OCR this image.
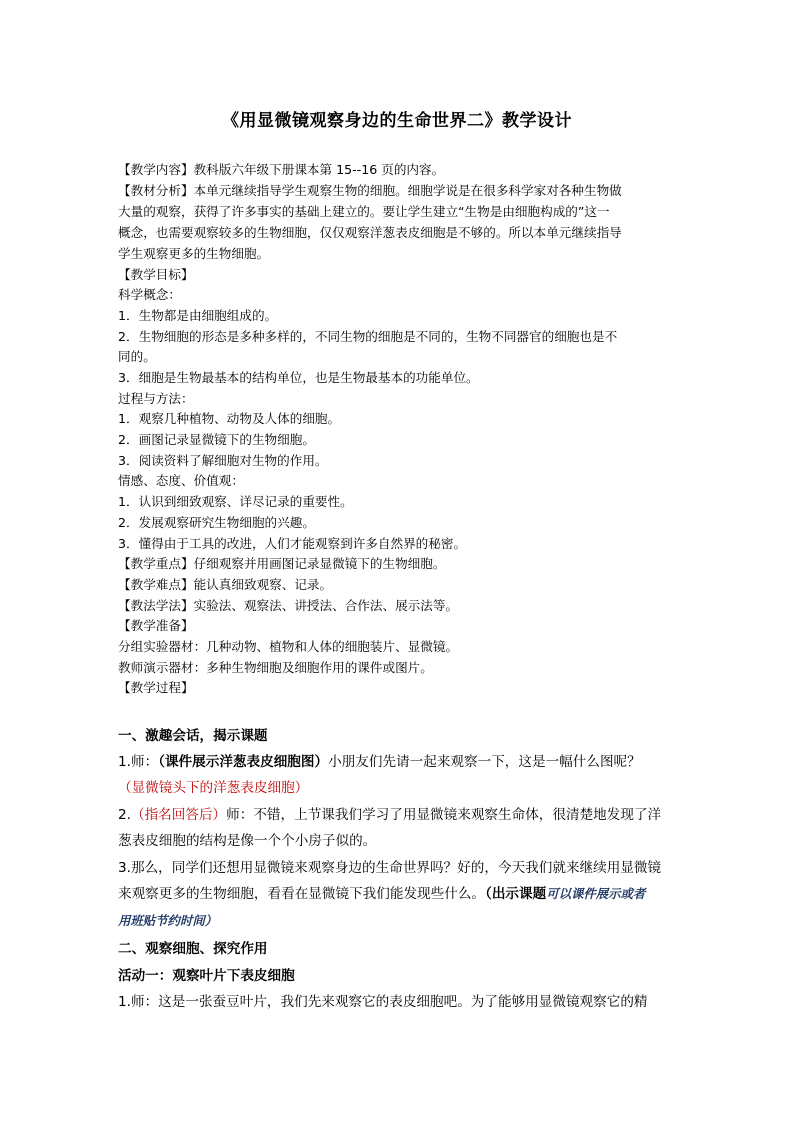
《用显微镜观察身边的生命世界二》教学设计
【教学内容】教科版六年级下册课本第 15--16 页的内容。
【教材分析】本单元继续指导学生观察生物的细胞。细胞学说是在很多科学家对各种生物做
大量的观察，获得了许多事实的基础上建立的。要让学生建立“生物是由细胞构成的”这一
概念，也需要观察较多的生物细胞，仅仅观察洋葱表皮细胞是不够的。所以本单元继续指导
学生观察更多的生物细胞。
【教学目标】
科学概念：
1．生物都是由细胞组成的。
2．生物细胞的形态是多种多样的，不同生物的细胞是不同的，生物不同器官的细胞也是不
同的。
3．细胞是生物最基本的结构单位，也是生物最基本的功能单位。
过程与方法：
1．观察几种植物、动物及人体的细胞。
2．画图记录显微镜下的生物细胞。
3．阅读资料了解细胞对生物的作用。
情感、态度、价值观：
1．认识到细致观察、详尽记录的重要性。
2．发展观察研究生物细胞的兴趣。
3．懂得由于工具的改进，人们才能观察到许多自然界的秘密。
【教学重点】仔细观察并用画图记录显微镜下的生物细胞。
【教学难点】能认真细致观察、记录。
【教法学法】实验法、观察法、讲授法、合作法、展示法等。
【教学准备】
分组实验器材：几种动物、植物和人体的细胞装片、显微镜。
教师演示器材：多种生物细胞及细胞作用的课件或图片。
【教学过程】
一、激趣会话，揭示课题
1.师：（课件展示洋葱表皮细胞图）小朋友们先请一起来观察一下，这是一幅什么图呢？
（显微镜头下的洋葱表皮细胞）
2.（指名回答后）师：不错，上节课我们学习了用显微镜来观察生命体，很清楚地发现了洋
葱表皮细胞的结构是像一个个小房子似的。
3.那么，同学们还想用显微镜来观察身边的生命世界吗？好的，今天我们就来继续用显微镜
来观察更多的生物细胞，看看在显微镜下我们能发现些什么。（出示课题可以课件展示或者
用班贴节约时间）
二、观察细胞、探究作用
活动一：观察叶片下表皮细胞
1.师：这是一张蚕豆叶片，我们先来观察它的表皮细胞吧。为了能够用显微镜观察它的精
